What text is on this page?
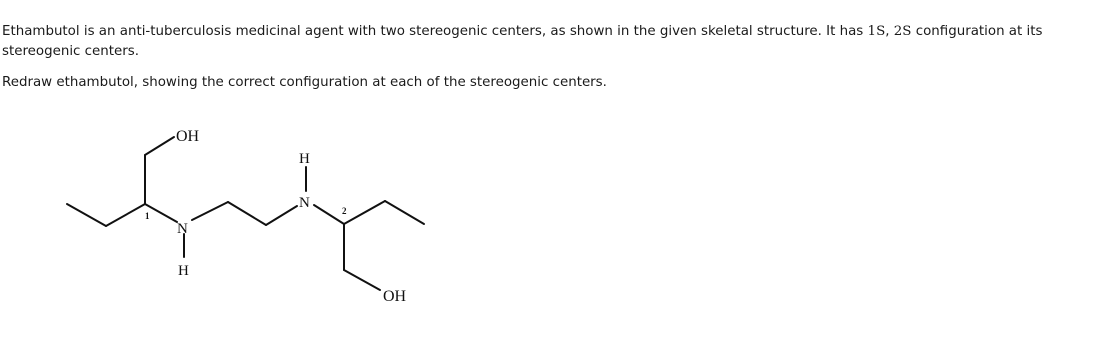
Ethambutol is an anti-tuberculosis medicinal agent with two stereogenic centers, as shown in the given skeletal structure. It has 1S, 2S configuration at its stereogenic centers.

Redraw ethambutol, showing the correct configuration at each of the stereogenic centers.

OH
N
H
H
N
OH
1	2
